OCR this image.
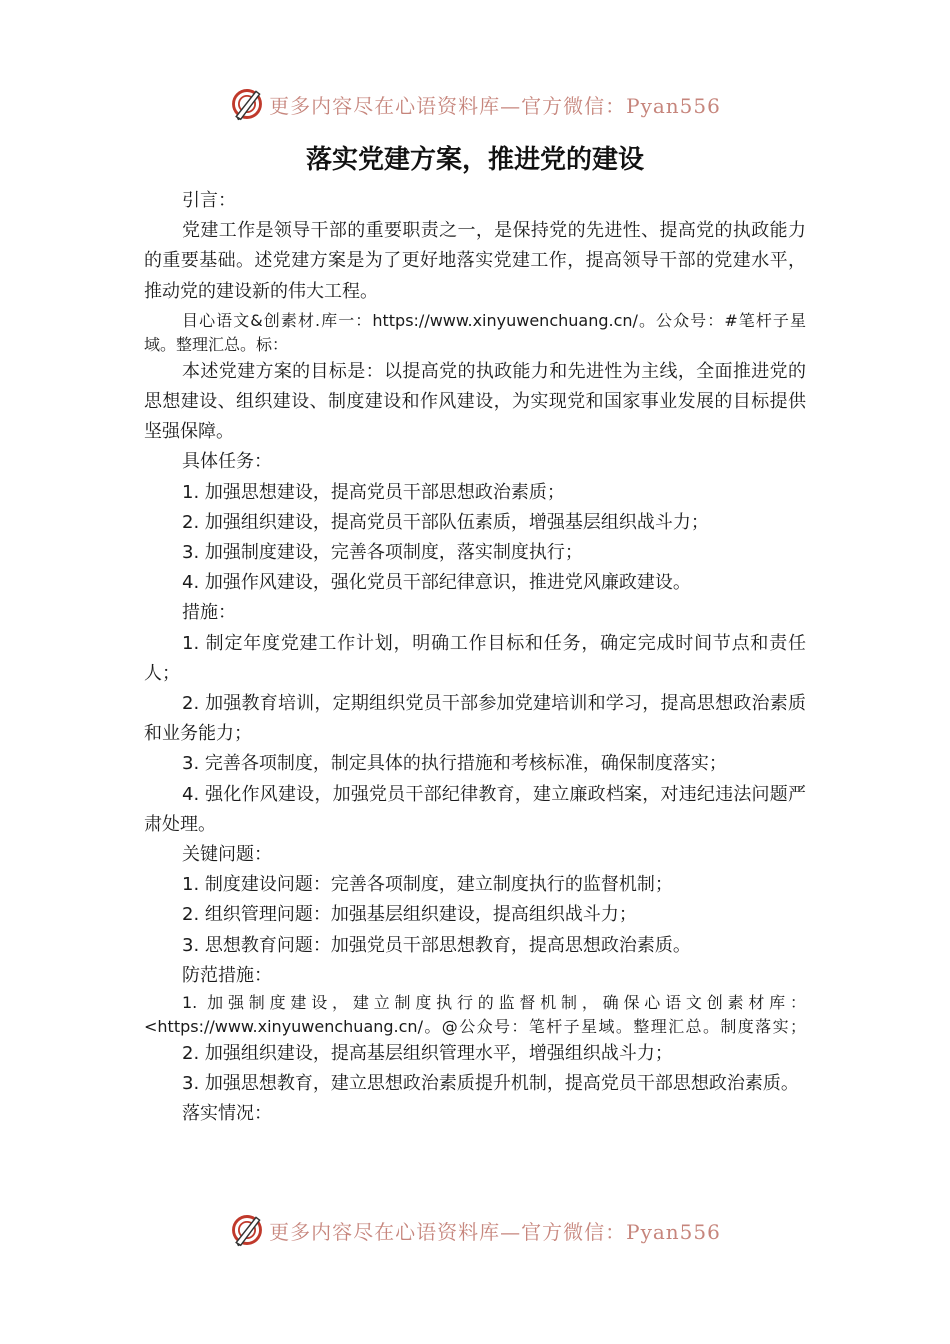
更多内容尽在心语资料库—官方微信：Pyan556
落实党建方案，推进党的建设

引言：

党建工作是领导干部的重要职责之一，是保持党的先进性、提高党的执政能力的重要基础。述党建方案是为了更好地落实党建工作，提高领导干部的党建水平，推动党的建设新的伟大工程。

目心语文&创素材.库一：https://www.xinyuwenchuang.cn/。公众号：#笔杆子星域。整理汇总。标：

本述党建方案的目标是：以提高党的执政能力和先进性为主线，全面推进党的思想建设、组织建设、制度建设和作风建设，为实现党和国家事业发展的目标提供坚强保障。

具体任务：

1. 加强思想建设，提高党员干部思想政治素质；

2. 加强组织建设，提高党员干部队伍素质，增强基层组织战斗力；

3. 加强制度建设，完善各项制度，落实制度执行；

4. 加强作风建设，强化党员干部纪律意识，推进党风廉政建设。

措施：

1. 制定年度党建工作计划，明确工作目标和任务，确定完成时间节点和责任人；

2. 加强教育培训，定期组织党员干部参加党建培训和学习，提高思想政治素质和业务能力；

3. 完善各项制度，制定具体的执行措施和考核标准，确保制度落实；

4. 强化作风建设，加强党员干部纪律教育，建立廉政档案，对违纪违法问题严肃处理。

关键问题：

1. 制度建设问题：完善各项制度，建立制度执行的监督机制；

2. 组织管理问题：加强基层组织建设，提高组织战斗力；

3. 思想教育问题：加强党员干部思想教育，提高思想政治素质。

防范措施：

1. 加强制度建设，建立制度执行的监督机制，确保心语文创素材库：<https://www.xinyuwenchuang.cn/。@公众号：笔杆子星域。整理汇总。制度落实；

2. 加强组织建设，提高基层组织管理水平，增强组织战斗力；

3. 加强思想教育，建立思想政治素质提升机制，提高党员干部思想政治素质。

落实情况：

更多内容尽在心语资料库—官方微信：Pyan556
